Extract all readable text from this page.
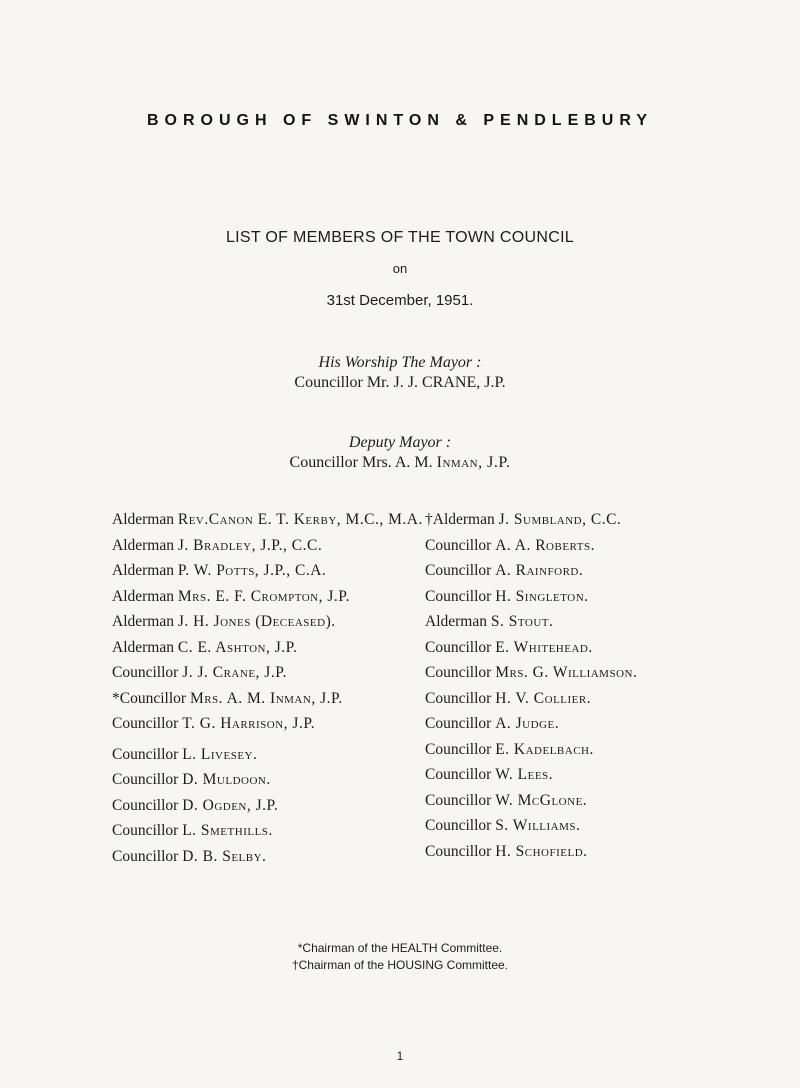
BOROUGH OF SWINTON & PENDLEBURY
LIST OF MEMBERS OF THE TOWN COUNCIL
on
31st December, 1951.
His Worship The Mayor :
Councillor Mr. J. J. CRANE, J.P.
Deputy Mayor :
Councillor Mrs. A. M. Inman, J.P.
Alderman Rev.Canon E. T. Kerby, M.C., M.A.
Alderman J. Bradley, J.P., C.C.
Alderman P. W. Potts, J.P., C.A.
Alderman Mrs. E. F. Crompton, J.P.
Alderman J. H. Jones (Deceased).
Alderman C. E. Ashton, J.P.
Councillor J. J. Crane, J.P.
*Councillor Mrs. A. M. Inman, J.P.
Councillor T. G. Harrison, J.P.
Councillor L. Livesey.
Councillor D. Muldoon.
Councillor D. Ogden, J.P.
Councillor L. Smethills.
Councillor D. B. Selby.
†Alderman J. Sumbland, C.C.
Councillor A. A. Roberts.
Councillor A. Rainford.
Councillor H. Singleton.
Alderman S. Stout.
Councillor E. Whitehead.
Councillor Mrs. G. Williamson.
Councillor H. V. Collier.
Councillor A. Judge.
Councillor E. Kadelbach.
Councillor W. Lees.
Councillor W. McGlone.
Councillor S. Williams.
Councillor H. Schofield.
*Chairman of the HEALTH Committee.
†Chairman of the HOUSING Committee.
1
